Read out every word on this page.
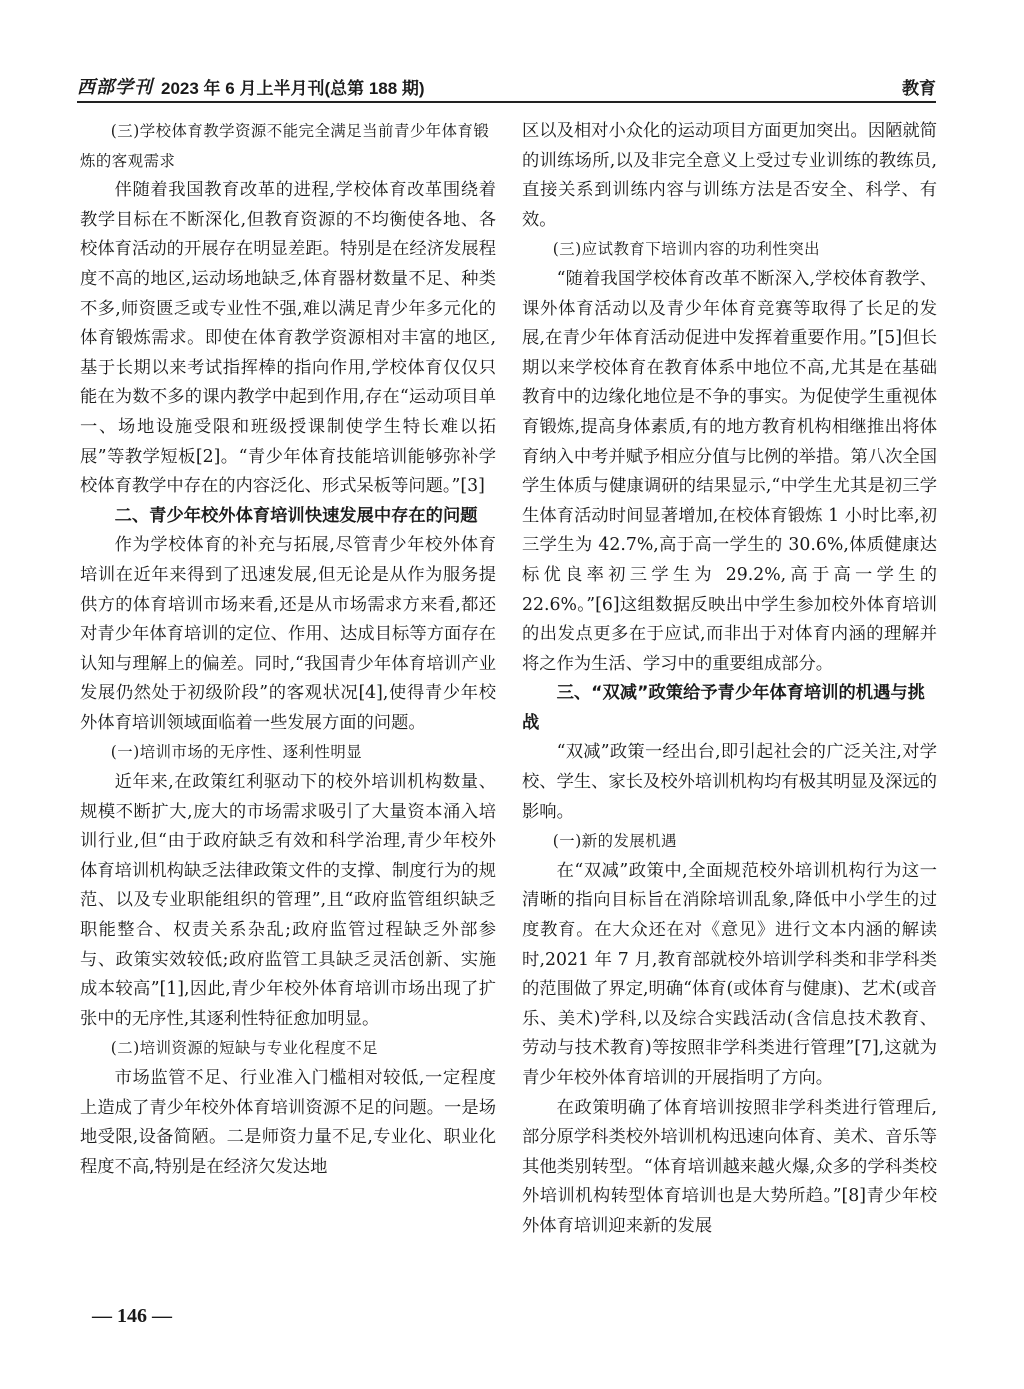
西部学刊 2023 年 6 月上半月刊(总第 188 期)	教育

(三)学校体育教学资源不能完全满足当前青少年体育锻炼的客观需求

伴随着我国教育改革的进程,学校体育改革围绕着教学目标在不断深化,但教育资源的不均衡使各地、各校体育活动的开展存在明显差距。特别是在经济发展程度不高的地区,运动场地缺乏,体育器材数量不足、种类不多,师资匮乏或专业性不强,难以满足青少年多元化的体育锻炼需求。即使在体育教学资源相对丰富的地区,基于长期以来考试指挥棒的指向作用,学校体育仅仅只能在为数不多的课内教学中起到作用,存在“运动项目单一、场地设施受限和班级授课制使学生特长难以拓展”等教学短板[2]。“青少年体育技能培训能够弥补学校体育教学中存在的内容泛化、形式呆板等问题。”[3]

二、青少年校外体育培训快速发展中存在的问题

作为学校体育的补充与拓展,尽管青少年校外体育培训在近年来得到了迅速发展,但无论是从作为服务提供方的体育培训市场来看,还是从市场需求方来看,都还对青少年体育培训的定位、作用、达成目标等方面存在认知与理解上的偏差。同时,“我国青少年体育培训产业发展仍然处于初级阶段”的客观状况[4],使得青少年校外体育培训领域面临着一些发展方面的问题。

(一)培训市场的无序性、逐利性明显

近年来,在政策红利驱动下的校外培训机构数量、规模不断扩大,庞大的市场需求吸引了大量资本涌入培训行业,但“由于政府缺乏有效和科学治理,青少年校外体育培训机构缺乏法律政策文件的支撑、制度行为的规范、以及专业职能组织的管理”,且“政府监管组织缺乏职能整合、权责关系杂乱;政府监管过程缺乏外部参与、政策实效较低;政府监管工具缺乏灵活创新、实施成本较高”[1],因此,青少年校外体育培训市场出现了扩张中的无序性,其逐利性特征愈加明显。

(二)培训资源的短缺与专业化程度不足

市场监管不足、行业准入门槛相对较低,一定程度上造成了青少年校外体育培训资源不足的问题。一是场地受限,设备简陋。二是师资力量不足,专业化、职业化程度不高,特别是在经济欠发达地

区以及相对小众化的运动项目方面更加突出。因陋就简的训练场所,以及非完全意义上受过专业训练的教练员,直接关系到训练内容与训练方法是否安全、科学、有效。

(三)应试教育下培训内容的功利性突出

“随着我国学校体育改革不断深入,学校体育教学、课外体育活动以及青少年体育竞赛等取得了长足的发展,在青少年体育活动促进中发挥着重要作用。”[5]但长期以来学校体育在教育体系中地位不高,尤其是在基础教育中的边缘化地位是不争的事实。为促使学生重视体育锻炼,提高身体素质,有的地方教育机构相继推出将体育纳入中考并赋予相应分值与比例的举措。第八次全国学生体质与健康调研的结果显示,“中学生尤其是初三学生体育活动时间显著增加,在校体育锻炼 1 小时比率,初三学生为 42.7%,高于高一学生的 30.6%,体质健康达标优良率初三学生为 29.2%,高于高一学生的 22.6%。”[6]这组数据反映出中学生参加校外体育培训的出发点更多在于应试,而非出于对体育内涵的理解并将之作为生活、学习中的重要组成部分。

三、“双减”政策给予青少年体育培训的机遇与挑战

“双减”政策一经出台,即引起社会的广泛关注,对学校、学生、家长及校外培训机构均有极其明显及深远的影响。

(一)新的发展机遇

在“双减”政策中,全面规范校外培训机构行为这一清晰的指向目标旨在消除培训乱象,降低中小学生的过度教育。在大众还在对《意见》进行文本内涵的解读时,2021 年 7 月,教育部就校外培训学科类和非学科类的范围做了界定,明确“体育(或体育与健康)、艺术(或音乐、美术)学科,以及综合实践活动(含信息技术教育、劳动与技术教育)等按照非学科类进行管理”[7],这就为青少年校外体育培训的开展指明了方向。

在政策明确了体育培训按照非学科类进行管理后,部分原学科类校外培训机构迅速向体育、美术、音乐等其他类别转型。“体育培训越来越火爆,众多的学科类校外培训机构转型体育培训也是大势所趋。”[8]青少年校外体育培训迎来新的发展

— 146 —
